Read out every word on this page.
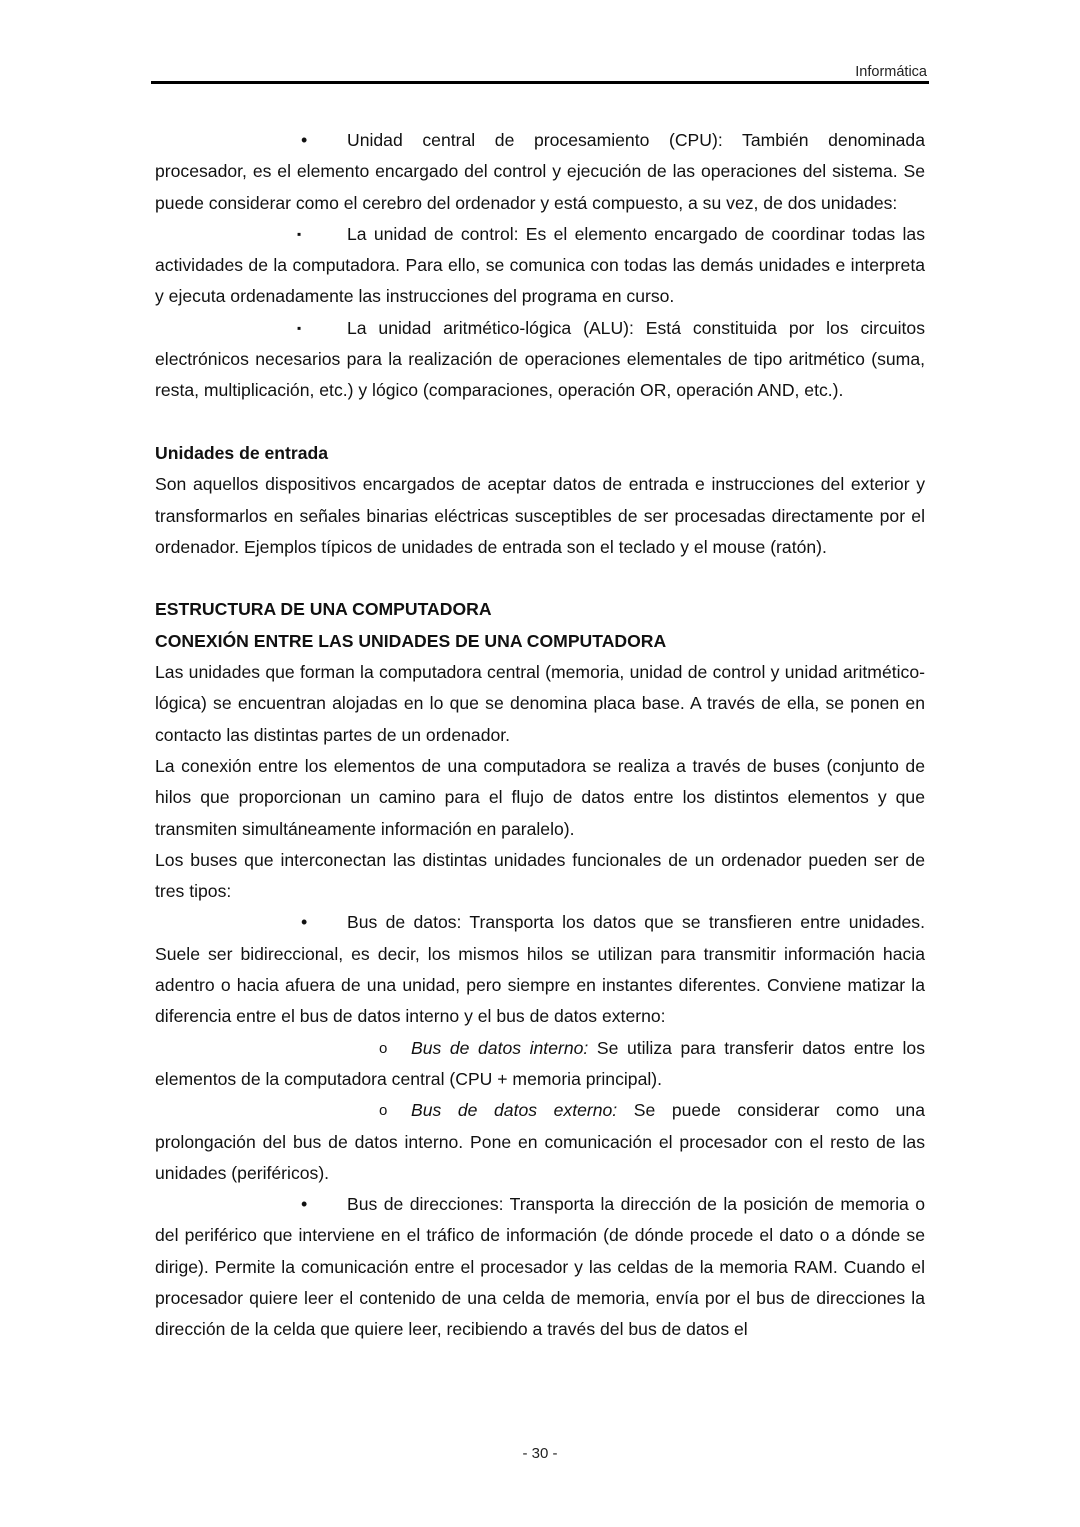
Informática

•	Unidad central de procesamiento (CPU): También denominada procesador, es el elemento encargado del control y ejecución de las operaciones del sistema. Se puede considerar como el cerebro del ordenador y está compuesto, a su vez, de dos unidades:

▪	La unidad de control: Es el elemento encargado de coordinar todas las actividades de la computadora. Para ello, se comunica con todas las demás unidades e interpreta y ejecuta ordenadamente las instrucciones del programa en curso.

▪	La unidad aritmético-lógica (ALU): Está constituida por los circuitos electrónicos necesarios para la realización de operaciones elementales de tipo aritmético (suma, resta, multiplicación, etc.) y lógico (comparaciones, operación OR, operación AND, etc.).

Unidades de entrada

Son aquellos dispositivos encargados de aceptar datos de entrada e instrucciones del exterior y transformarlos en señales binarias eléctricas susceptibles de ser procesadas directamente por el ordenador. Ejemplos típicos de unidades de entrada son el teclado y el mouse (ratón).

ESTRUCTURA DE UNA COMPUTADORA

CONEXIÓN ENTRE LAS UNIDADES DE UNA COMPUTADORA

Las unidades que forman la computadora central (memoria, unidad de control y unidad aritmético-lógica) se encuentran alojadas en lo que se denomina placa base. A través de ella, se ponen en contacto las distintas partes de un ordenador.

La conexión entre los elementos de una computadora se realiza a través de buses (conjunto de hilos que proporcionan un camino para el flujo de datos entre los distintos elementos y que transmiten simultáneamente información en paralelo).

Los buses que interconectan las distintas unidades funcionales de un ordenador pueden ser de tres tipos:

•	Bus de datos: Transporta los datos que se transfieren entre unidades. Suele ser bidireccional, es decir, los mismos hilos se utilizan para transmitir información hacia adentro o hacia afuera de una unidad, pero siempre en instantes diferentes. Conviene matizar la diferencia entre el bus de datos interno y el bus de datos externo:

o	Bus de datos interno: Se utiliza para transferir datos entre los elementos de la computadora central (CPU + memoria principal).

o	Bus de datos externo: Se puede considerar como una prolongación del bus de datos interno. Pone en comunicación el procesador con el resto de las unidades (periféricos).

•	Bus de direcciones: Transporta la dirección de la posición de memoria o del periférico que interviene en el tráfico de información (de dónde procede el dato o a dónde se dirige). Permite la comunicación entre el procesador y las celdas de la memoria RAM. Cuando el procesador quiere leer el contenido de una celda de memoria, envía por el bus de direcciones la dirección de la celda que quiere leer, recibiendo a través del bus de datos el

- 30 -
